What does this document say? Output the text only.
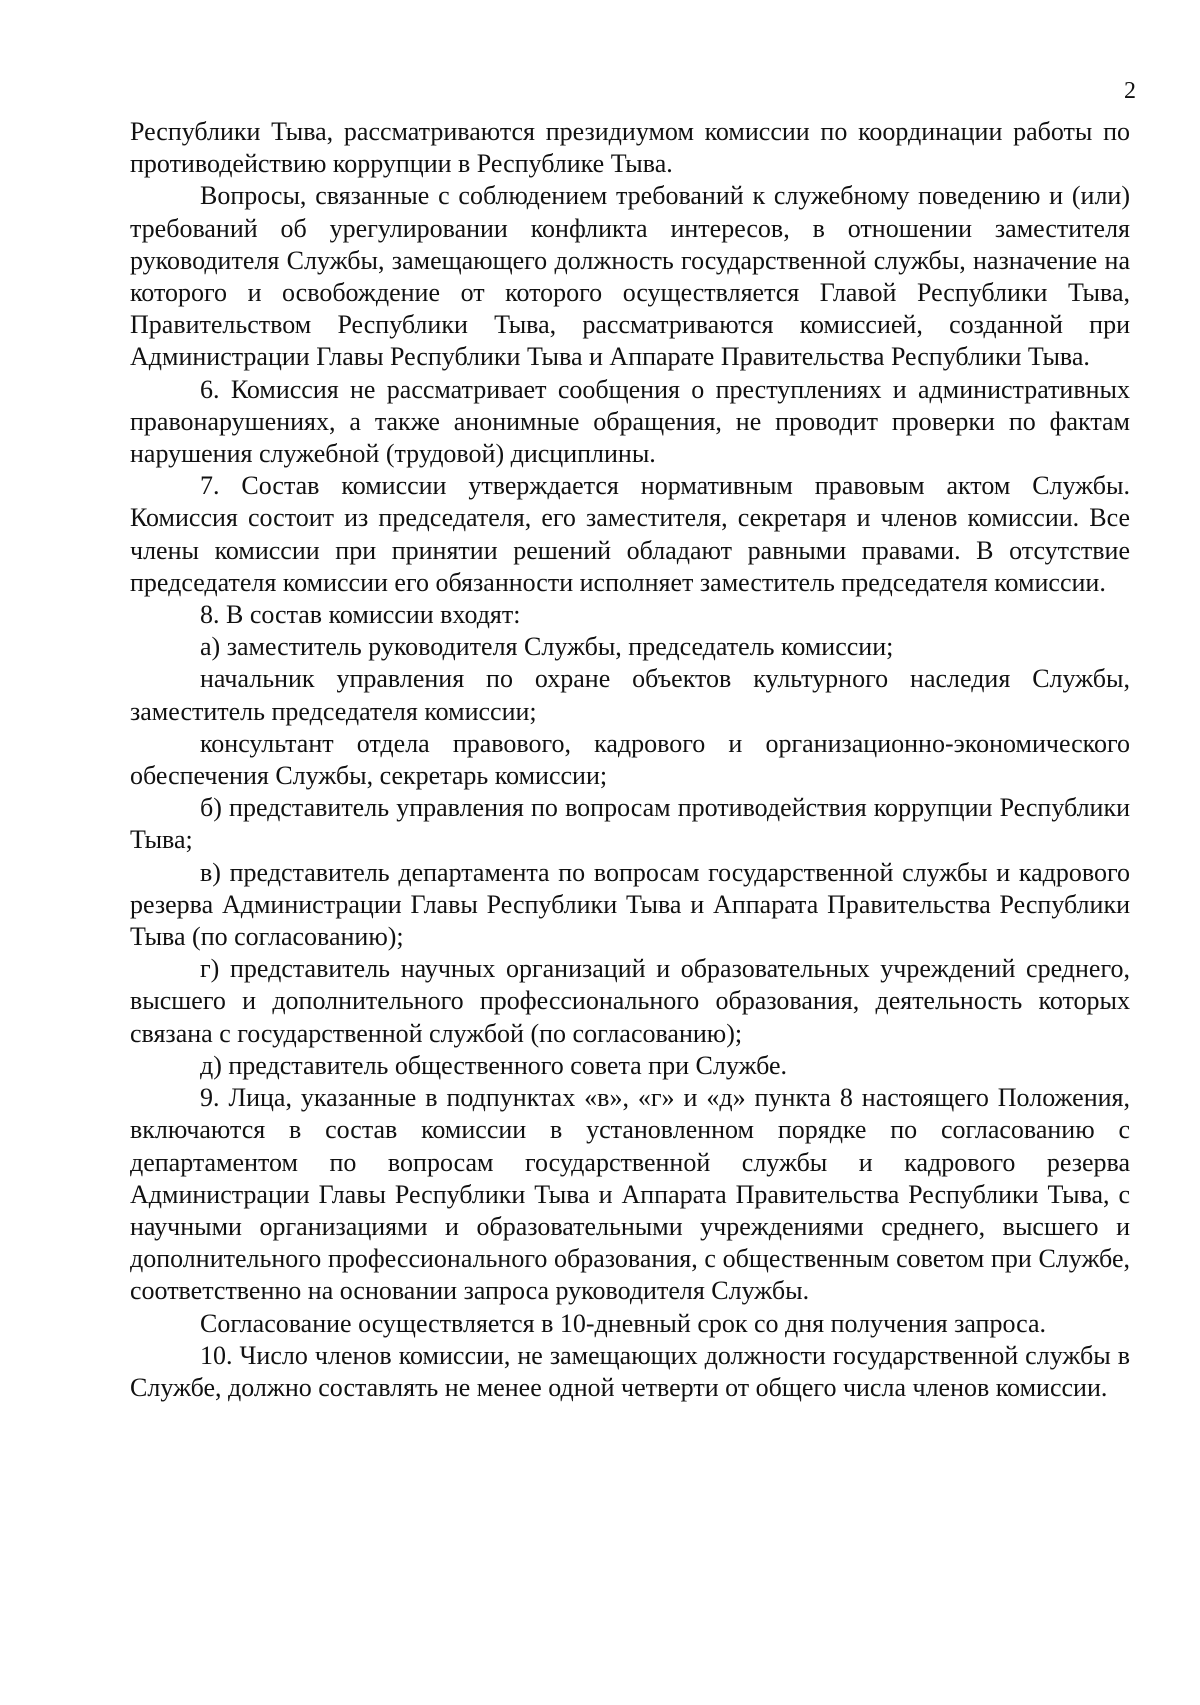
2

Республики Тыва, рассматриваются президиумом комиссии по координации работы по противодействию коррупции в Республике Тыва.

Вопросы, связанные с соблюдением требований к служебному поведению и (или) требований об урегулировании конфликта интересов, в отношении заместителя руководителя Службы, замещающего должность государственной службы, назначение на которого и освобождение от которого осуществляется Главой Республики Тыва, Правительством Республики Тыва, рассматриваются комиссией, созданной при Администрации Главы Республики Тыва и Аппарате Правительства Республики Тыва.

6. Комиссия не рассматривает сообщения о преступлениях и административных правонарушениях, а также анонимные обращения, не проводит проверки по фактам нарушения служебной (трудовой) дисциплины.

7. Состав комиссии утверждается нормативным правовым актом Службы. Комиссия состоит из председателя, его заместителя, секретаря и членов комиссии. Все члены комиссии при принятии решений обладают равными правами. В отсутствие председателя комиссии его обязанности исполняет заместитель председателя комиссии.

8. В состав комиссии входят:

а) заместитель руководителя Службы, председатель комиссии;

начальник управления по охране объектов культурного наследия Службы, заместитель председателя комиссии;

консультант отдела правового, кадрового и организационно-экономического обеспечения Службы, секретарь комиссии;

б) представитель управления по вопросам противодействия коррупции Республики Тыва;

в) представитель департамента по вопросам государственной службы и кадрового резерва Администрации Главы Республики Тыва и Аппарата Правительства Республики Тыва (по согласованию);

г) представитель научных организаций и образовательных учреждений среднего, высшего и дополнительного профессионального образования, деятельность которых связана с государственной службой (по согласованию);

д) представитель общественного совета при Службе.

9. Лица, указанные в подпунктах «в», «г» и «д» пункта 8 настоящего Положения, включаются в состав комиссии в установленном порядке по согласованию с департаментом по вопросам государственной службы и кадрового резерва Администрации Главы Республики Тыва и Аппарата Правительства Республики Тыва, с научными организациями и образовательными учреждениями среднего, высшего и дополнительного профессионального образования, с общественным советом при Службе, соответственно на основании запроса руководителя Службы.

Согласование осуществляется в 10-дневный срок со дня получения запроса.

10. Число членов комиссии, не замещающих должности государственной службы в Службе, должно составлять не менее одной четверти от общего числа членов комиссии.
